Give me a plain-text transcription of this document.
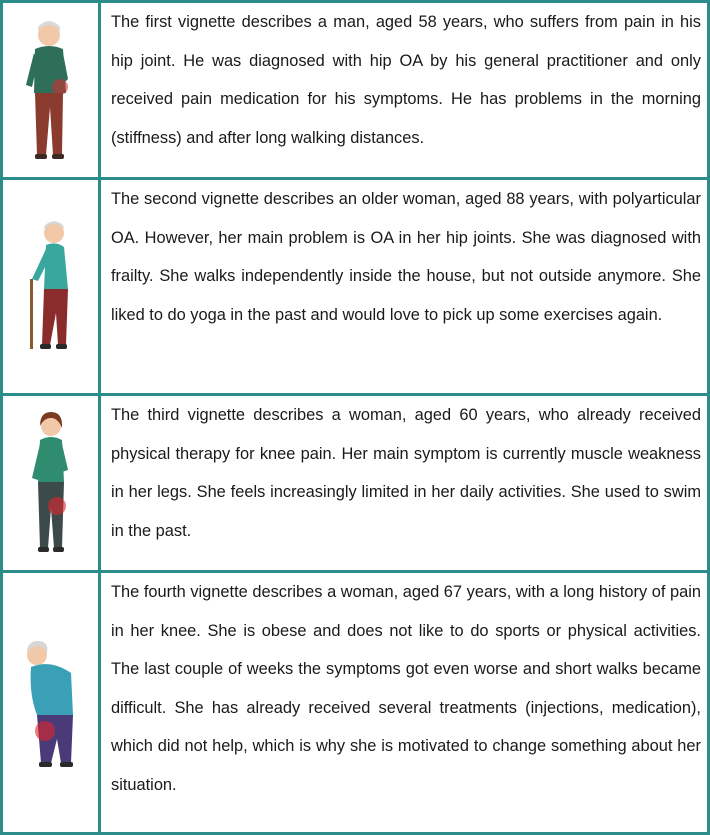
The first vignette describes a man, aged 58 years, who suffers from pain in his hip joint. He was diagnosed with hip OA by his general practitioner and only received pain medication for his symptoms. He has problems in the morning (stiffness) and after long walking distances.

The second vignette describes an older woman, aged 88 years, with polyarticular OA. However, her main problem is OA in her hip joints. She was diagnosed with frailty. She walks independently inside the house, but not outside anymore. She liked to do yoga in the past and would love to pick up some exercises again.

The third vignette describes a woman, aged 60 years, who already received physical therapy for knee pain. Her main symptom is currently muscle weakness in her legs. She feels increasingly limited in her daily activities. She used to swim in the past.

The fourth vignette describes a woman, aged 67 years, with a long history of pain in her knee. She is obese and does not like to do sports or physical activities. The last couple of weeks the symptoms got even worse and short walks became difficult. She has already received several treatments (injections, medication), which did not help, which is why she is motivated to change something about her situation.
